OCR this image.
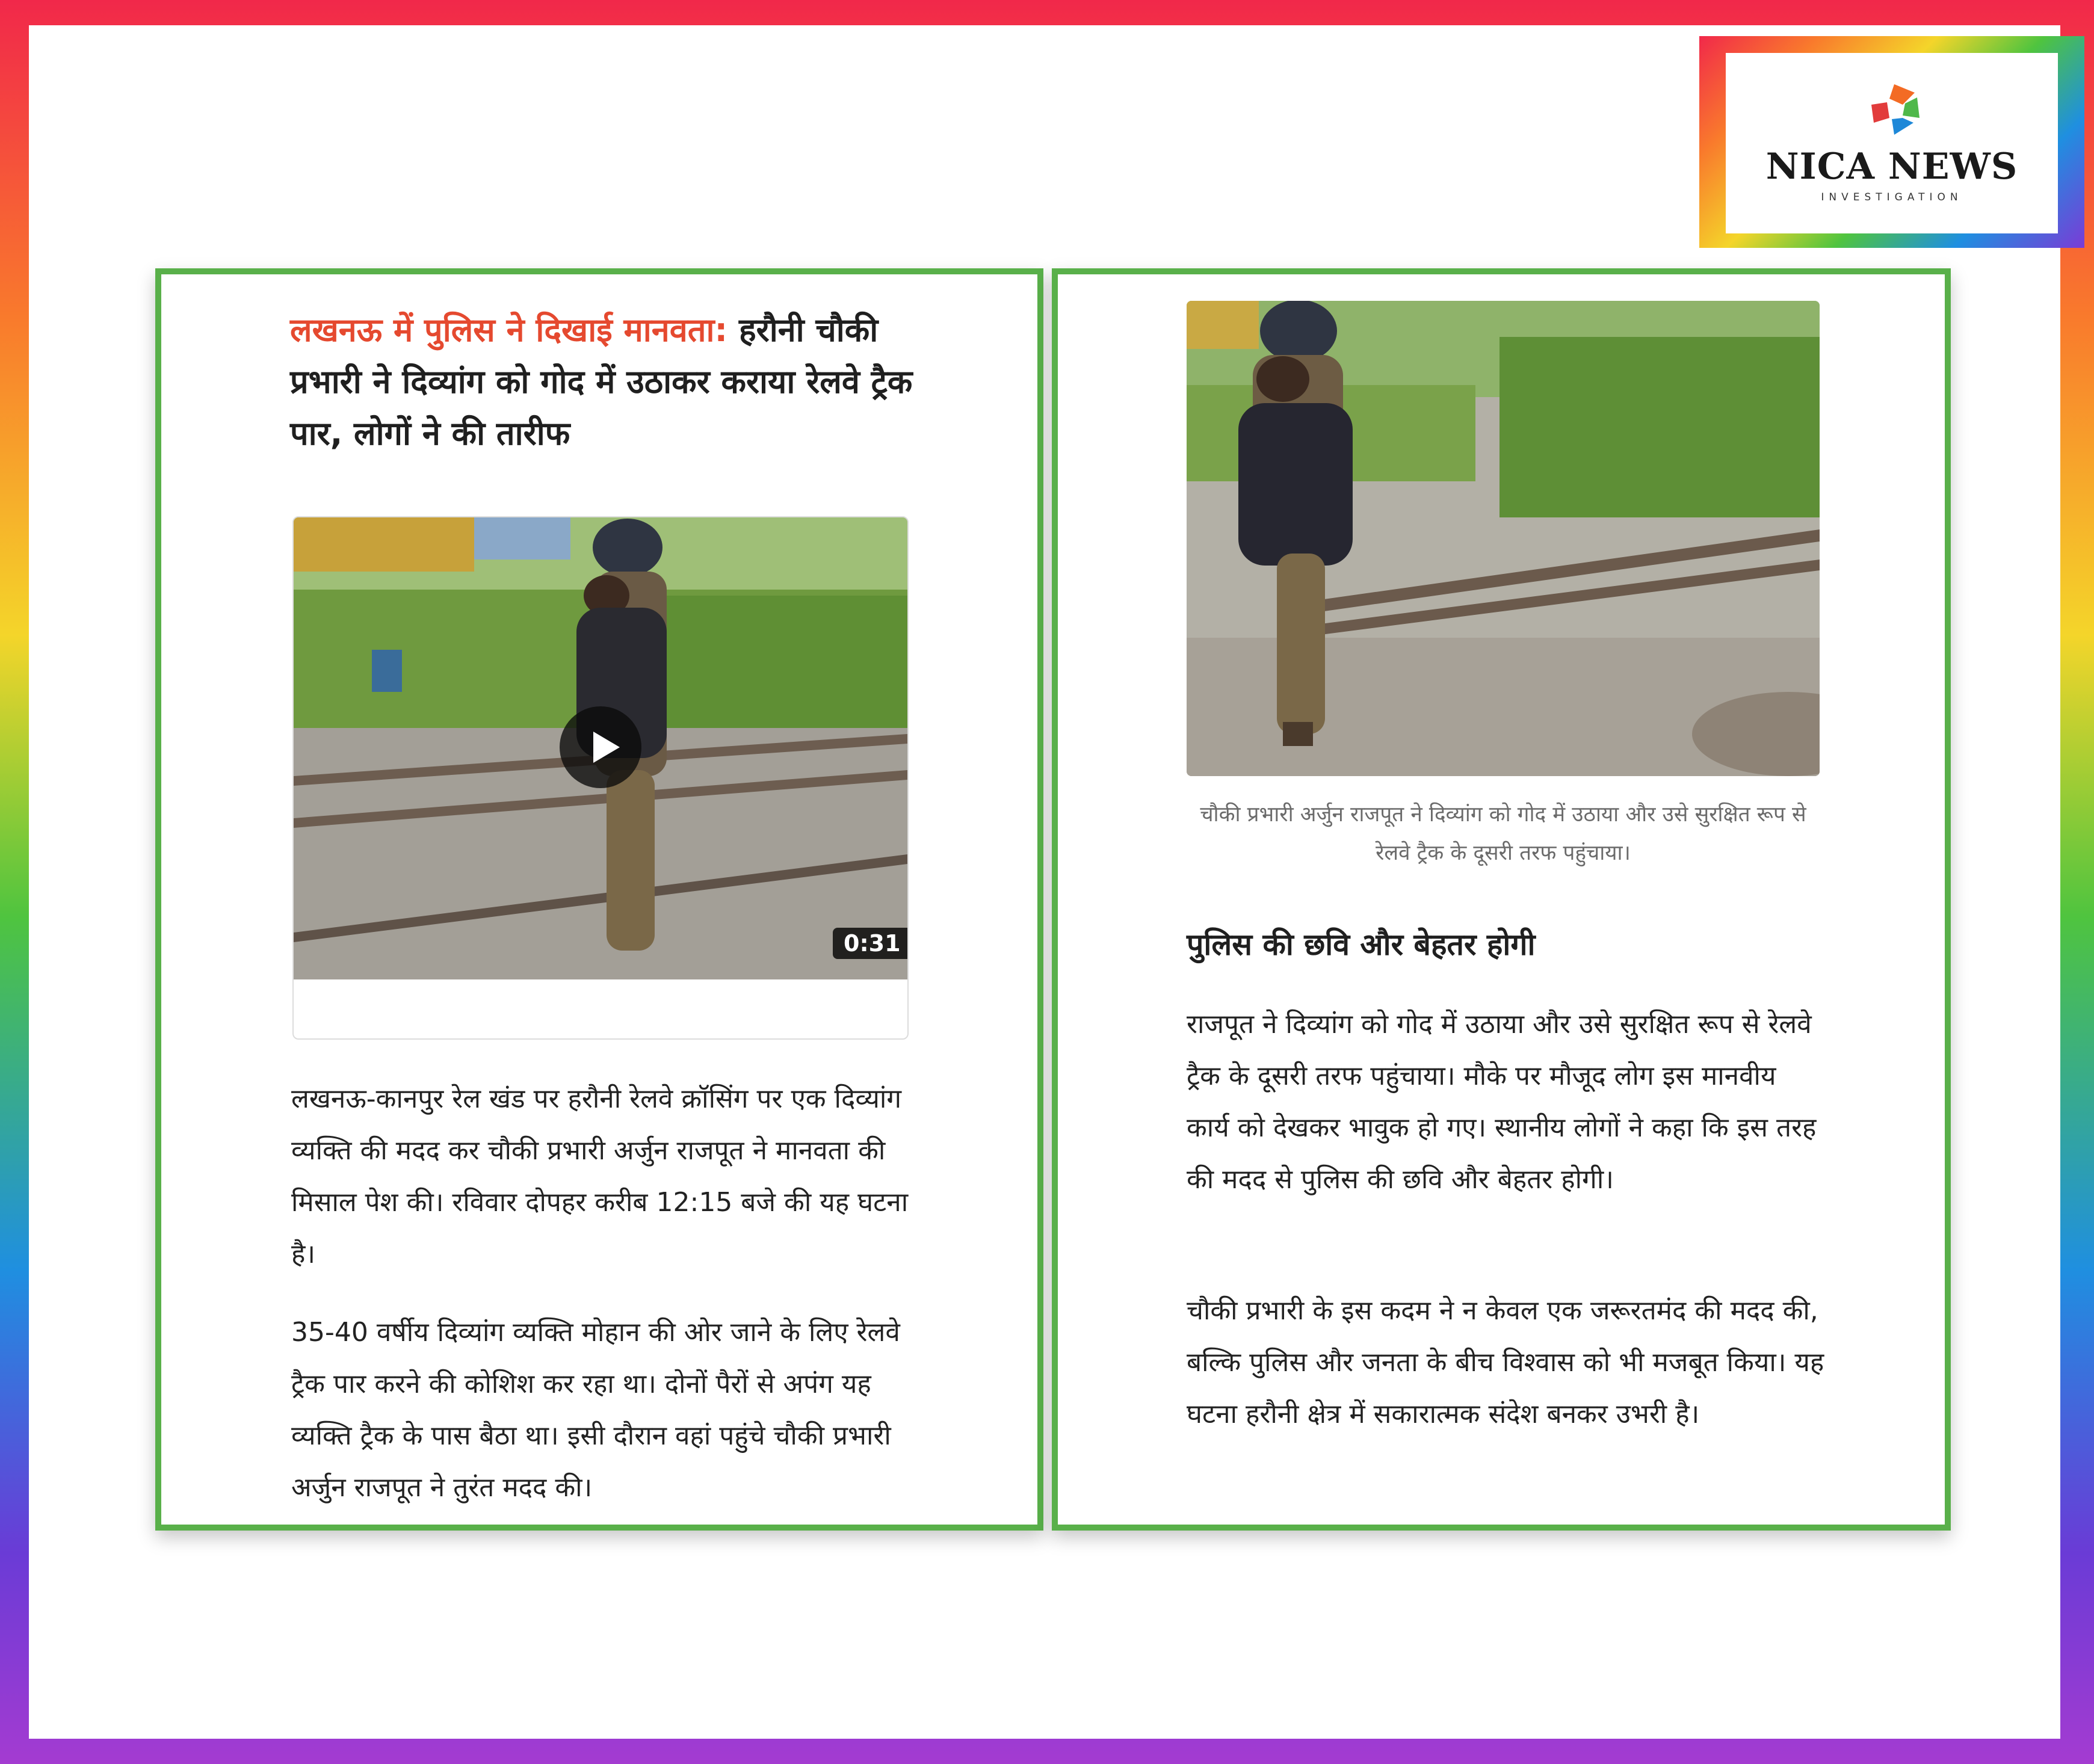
NICA NEWS
INVESTIGATION
लखनऊ में पुलिस ने दिखाई मानवता: हरौनी चौकी प्रभारी ने दिव्यांग को गोद में उठाकर कराया रेलवे ट्रैक पार, लोगों ने की तारीफ
0:31
लखनऊ-कानपुर रेल खंड पर हरौनी रेलवे क्रॉसिंग पर एक दिव्यांग व्यक्ति की मदद कर चौकी प्रभारी अर्जुन राजपूत ने मानवता की मिसाल पेश की। रविवार दोपहर करीब 12:15 बजे की यह घटना है।
35-40 वर्षीय दिव्यांग व्यक्ति मोहान की ओर जाने के लिए रेलवे ट्रैक पार करने की कोशिश कर रहा था। दोनों पैरों से अपंग यह व्यक्ति ट्रैक के पास बैठा था। इसी दौरान वहां पहुंचे चौकी प्रभारी अर्जुन राजपूत ने तुरंत मदद की।
चौकी प्रभारी अर्जुन राजपूत ने दिव्यांग को गोद में उठाया और उसे सुरक्षित रूप से रेलवे ट्रैक के दूसरी तरफ पहुंचाया।
पुलिस की छवि और बेहतर होगी
राजपूत ने दिव्यांग को गोद में उठाया और उसे सुरक्षित रूप से रेलवे ट्रैक के दूसरी तरफ पहुंचाया। मौके पर मौजूद लोग इस मानवीय कार्य को देखकर भावुक हो गए। स्थानीय लोगों ने कहा कि इस तरह की मदद से पुलिस की छवि और बेहतर होगी।
चौकी प्रभारी के इस कदम ने न केवल एक जरूरतमंद की मदद की, बल्कि पुलिस और जनता के बीच विश्वास को भी मजबूत किया। यह घटना हरौनी क्षेत्र में सकारात्मक संदेश बनकर उभरी है।
